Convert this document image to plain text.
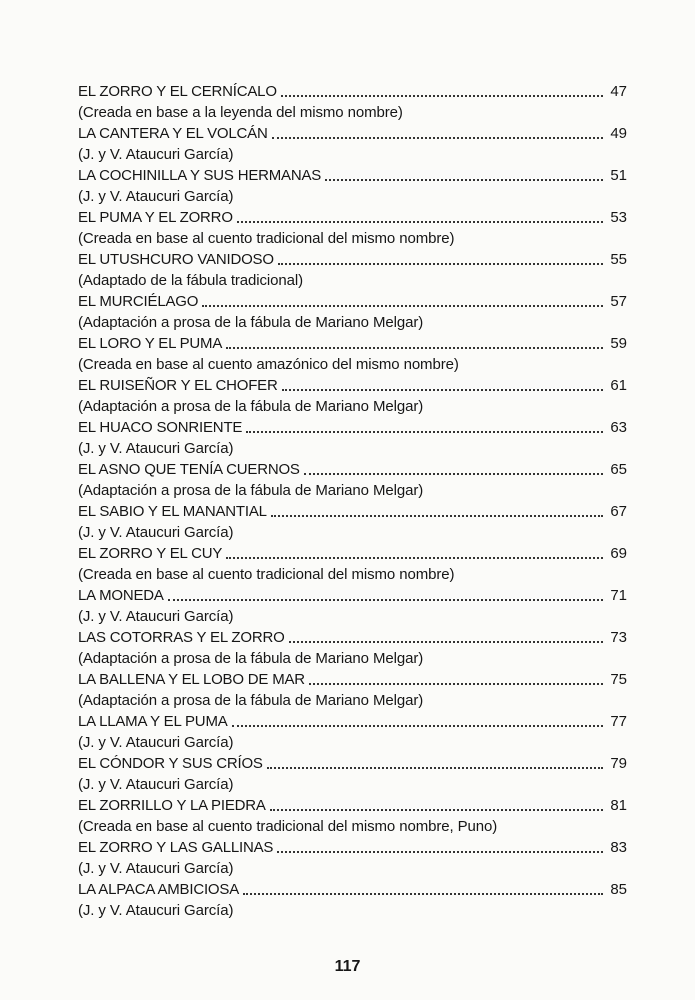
EL ZORRO Y EL CERNÍCALO	47
(Creada en base a la leyenda del mismo nombre)
LA CANTERA Y EL VOLCÁN	49
(J. y V. Ataucuri García)
LA COCHINILLA Y SUS HERMANAS	51
(J. y V. Ataucuri García)
EL PUMA Y EL ZORRO	53
(Creada en base al cuento tradicional del mismo nombre)
EL UTUSHCURO VANIDOSO	55
(Adaptado de la fábula tradicional)
EL MURCIÉLAGO	57
(Adaptación a prosa de la fábula de Mariano Melgar)
EL LORO Y EL PUMA	59
(Creada en base al cuento amazónico del mismo nombre)
EL RUISEÑOR Y EL CHOFER	61
(Adaptación a prosa de la fábula de Mariano Melgar)
EL HUACO SONRIENTE	63
(J. y V. Ataucuri García)
EL ASNO QUE TENÍA CUERNOS	65
(Adaptación a prosa de la fábula de Mariano Melgar)
EL SABIO Y EL MANANTIAL	67
(J. y V. Ataucuri García)
EL ZORRO Y EL CUY	69
(Creada en base al cuento tradicional del mismo nombre)
LA MONEDA	71
(J. y V. Ataucuri García)
LAS COTORRAS Y EL ZORRO	73
(Adaptación a prosa de la fábula de Mariano Melgar)
LA BALLENA Y EL LOBO DE MAR	75
(Adaptación a prosa de la fábula de Mariano Melgar)
LA LLAMA Y EL PUMA	77
(J. y V. Ataucuri García)
EL CÓNDOR Y SUS CRÍOS	79
(J. y V. Ataucuri García)
EL ZORRILLO Y LA PIEDRA	81
(Creada en base al cuento tradicional del mismo nombre, Puno)
EL ZORRO Y LAS GALLINAS	83
(J. y V. Ataucuri García)
LA ALPACA AMBICIOSA	85
(J. y V. Ataucuri García)
117
